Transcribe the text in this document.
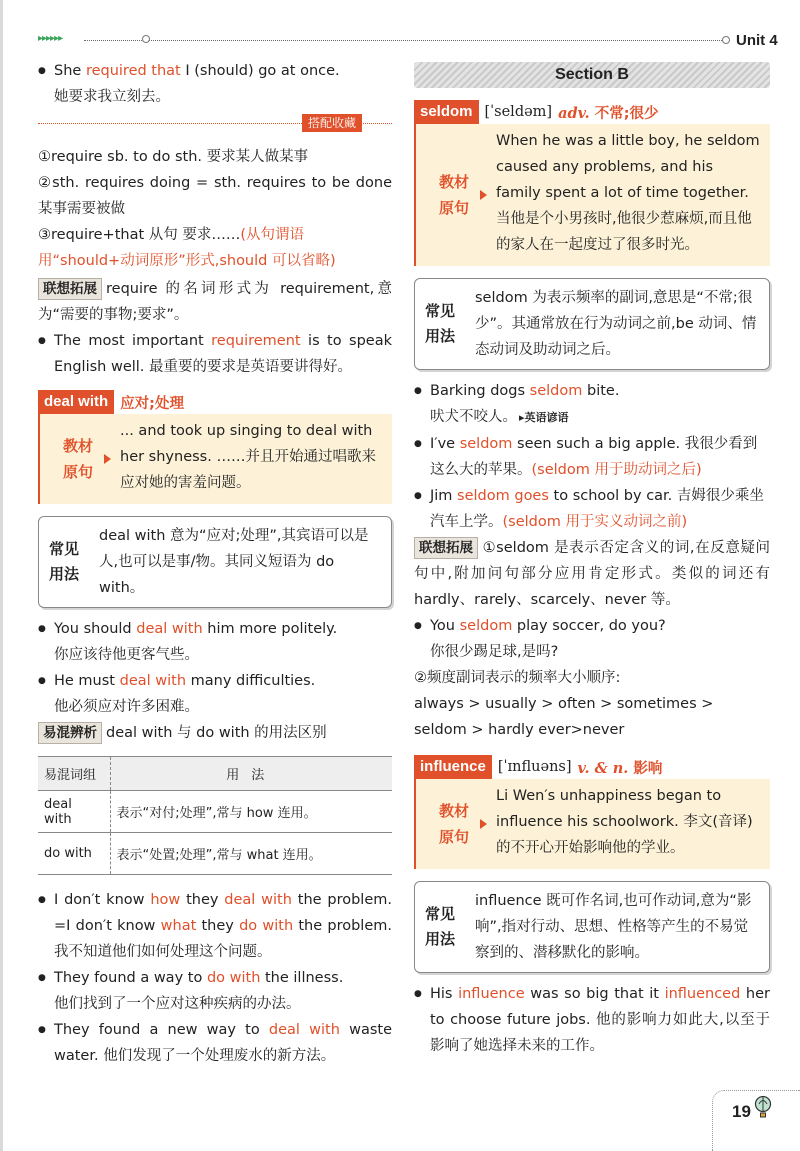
▸▸▸▸▸▸	Unit 4
● She required that I (should) go at once.
她要求我立刻去。
搭配收藏
①require sb. to do sth. 要求某人做某事
②sth. requires doing = sth. requires to be done 某事需要被做
③require+that 从句 要求……(从句谓语用“should+动词原形”形式,should 可以省略)
联想拓展 require 的名词形式为 requirement,意为“需要的事物;要求”。
● The most important requirement is to speak English well. 最重要的要求是英语要讲得好。
deal with 应对;处理
教材原句
... and took up singing to deal with her shyness. ……并且开始通过唱歌来应对她的害羞问题。
常见用法
deal with 意为“应对;处理”,其宾语可以是人,也可以是事/物。其同义短语为 do with。
● You should deal with him more politely.
你应该待他更客气些。
● He must deal with many difficulties.
他必须应对许多困难。
易混辨析 deal with 与 do with 的用法区别
易混词组	用法
deal with	表示“对付;处理”,常与 how 连用。
do with	表示“处置;处理”,常与 what 连用。
● I don′t know how they deal with the problem. =I don′t know what they do with the problem. 我不知道他们如何处理这个问题。
● They found a way to do with the illness.
他们找到了一个应对这种疾病的办法。
● They found a new way to deal with waste water. 他们发现了一个处理废水的新方法。
Section B
seldom [ˈseldəm] adv. 不常;很少
教材原句
When he was a little boy, he seldom caused any problems, and his family spent a lot of time together. 当他是个小男孩时,他很少惹麻烦,而且他的家人在一起度过了很多时光。
常见用法
seldom 为表示频率的副词,意思是“不常;很少”。其通常放在行为动词之前,be 动词、情态动词及助动词之后。
● Barking dogs seldom bite.
吠犬不咬人。 ▸英语谚语
● I′ve seldom seen such a big apple. 我很少看到这么大的苹果。(seldom 用于助动词之后)
● Jim seldom goes to school by car. 吉姆很少乘坐汽车上学。(seldom 用于实义动词之前)
联想拓展 ①seldom 是表示否定含义的词,在反意疑问句中,附加问句部分应用肯定形式。类似的词还有 hardly、rarely、scarcely、never 等。
● You seldom play soccer, do you?
你很少踢足球,是吗?
②频度副词表示的频率大小顺序:
always > usually > often > sometimes > seldom > hardly ever>never
influence [ˈɪnfluəns] v. & n. 影响
教材原句
Li Wen′s unhappiness began to influence his schoolwork. 李文(音译)的不开心开始影响他的学业。
常见用法
influence 既可作名词,也可作动词,意为“影响”,指对行动、思想、性格等产生的不易觉察到的、潜移默化的影响。
● His influence was so big that it influenced her to choose future jobs. 他的影响力如此大,以至于影响了她选择未来的工作。
19
